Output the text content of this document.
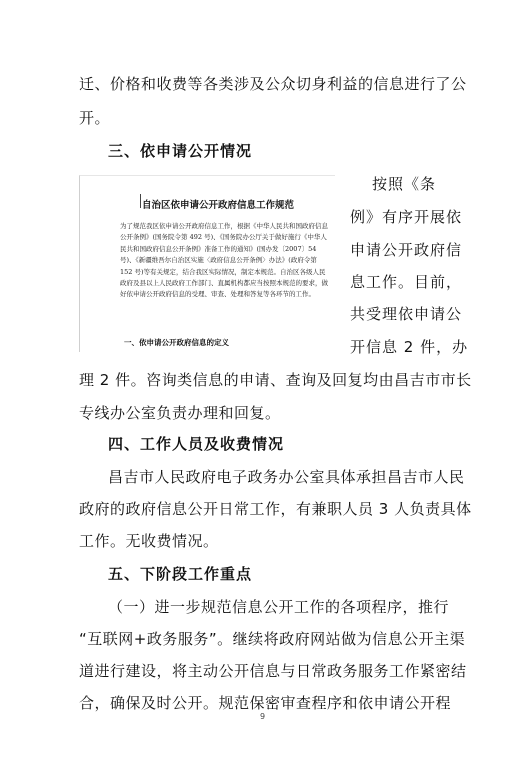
迁、价格和收费等各类涉及公众切身利益的信息进行了公
开。
三、依申请公开情况
自治区依申请公开政府信息工作规范
为了规范我区依申请公开政府信息工作，根据《中华人民共和国政府信息公开条例》(国务院令第 492 号)、《国务院办公厅关于做好施行《中华人民共和国政府信息公开条例》准备工作的通知》(国办发〔2007〕54 号)、《新疆维吾尔自治区实施〈政府信息公开条例〉办法》(政府令第 152 号)等有关规定，结合我区实际情况，制定本规范。自治区各级人民政府及县以上人民政府工作部门、直属机构都应当按照本规范的要求，做好依申请公开政府信息的受理、审查、处理和答复等各环节的工作。
一、依申请公开政府信息的定义
按照《条
例》有序开展依
申请公开政府信
息工作。目前，
共受理依申请公
开信息 2 件，办
理 2 件。咨询类信息的申请、查询及回复均由昌吉市市长
专线办公室负责办理和回复。
四、工作人员及收费情况
昌吉市人民政府电子政务办公室具体承担昌吉市人民
政府的政府信息公开日常工作，有兼职人员 3 人负责具体
工作。无收费情况。
五、下阶段工作重点
（一）进一步规范信息公开工作的各项程序，推行
“互联网+政务服务”。继续将政府网站做为信息公开主渠
道进行建设，将主动公开信息与日常政务服务工作紧密结
合，确保及时公开。规范保密审查程序和依申请公开程
9
